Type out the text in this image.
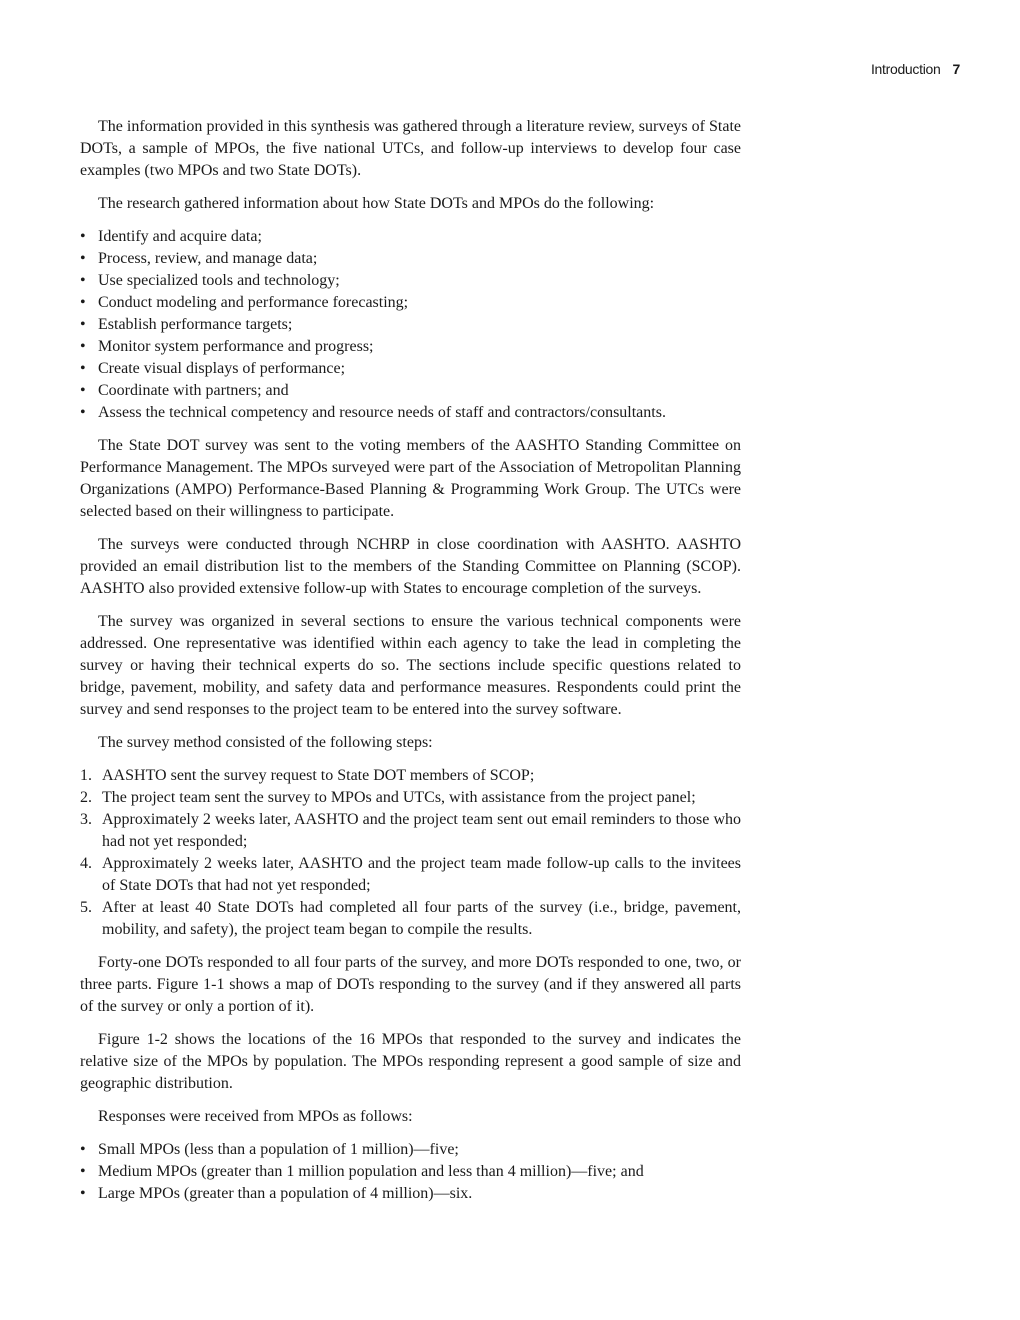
Introduction 7

The information provided in this synthesis was gathered through a literature review, surveys of State DOTs, a sample of MPOs, the five national UTCs, and follow-up interviews to develop four case examples (two MPOs and two State DOTs).

The research gathered information about how State DOTs and MPOs do the following:

• Identify and acquire data;
• Process, review, and manage data;
• Use specialized tools and technology;
• Conduct modeling and performance forecasting;
• Establish performance targets;
• Monitor system performance and progress;
• Create visual displays of performance;
• Coordinate with partners; and
• Assess the technical competency and resource needs of staff and contractors/consultants.

The State DOT survey was sent to the voting members of the AASHTO Standing Committee on Performance Management. The MPOs surveyed were part of the Association of Metropolitan Planning Organizations (AMPO) Performance-Based Planning & Programming Work Group. The UTCs were selected based on their willingness to participate.

The surveys were conducted through NCHRP in close coordination with AASHTO. AASHTO provided an email distribution list to the members of the Standing Committee on Planning (SCOP). AASHTO also provided extensive follow-up with States to encourage completion of the surveys.

The survey was organized in several sections to ensure the various technical components were addressed. One representative was identified within each agency to take the lead in completing the survey or having their technical experts do so. The sections include specific questions related to bridge, pavement, mobility, and safety data and performance measures. Respondents could print the survey and send responses to the project team to be entered into the survey software.

The survey method consisted of the following steps:

1. AASHTO sent the survey request to State DOT members of SCOP;
2. The project team sent the survey to MPOs and UTCs, with assistance from the project panel;
3. Approximately 2 weeks later, AASHTO and the project team sent out email reminders to those who had not yet responded;
4. Approximately 2 weeks later, AASHTO and the project team made follow-up calls to the invitees of State DOTs that had not yet responded;
5. After at least 40 State DOTs had completed all four parts of the survey (i.e., bridge, pavement, mobility, and safety), the project team began to compile the results.

Forty-one DOTs responded to all four parts of the survey, and more DOTs responded to one, two, or three parts. Figure 1-1 shows a map of DOTs responding to the survey (and if they answered all parts of the survey or only a portion of it).

Figure 1-2 shows the locations of the 16 MPOs that responded to the survey and indicates the relative size of the MPOs by population. The MPOs responding represent a good sample of size and geographic distribution.

Responses were received from MPOs as follows:

• Small MPOs (less than a population of 1 million)—five;
• Medium MPOs (greater than 1 million population and less than 4 million)—five; and
• Large MPOs (greater than a population of 4 million)—six.
